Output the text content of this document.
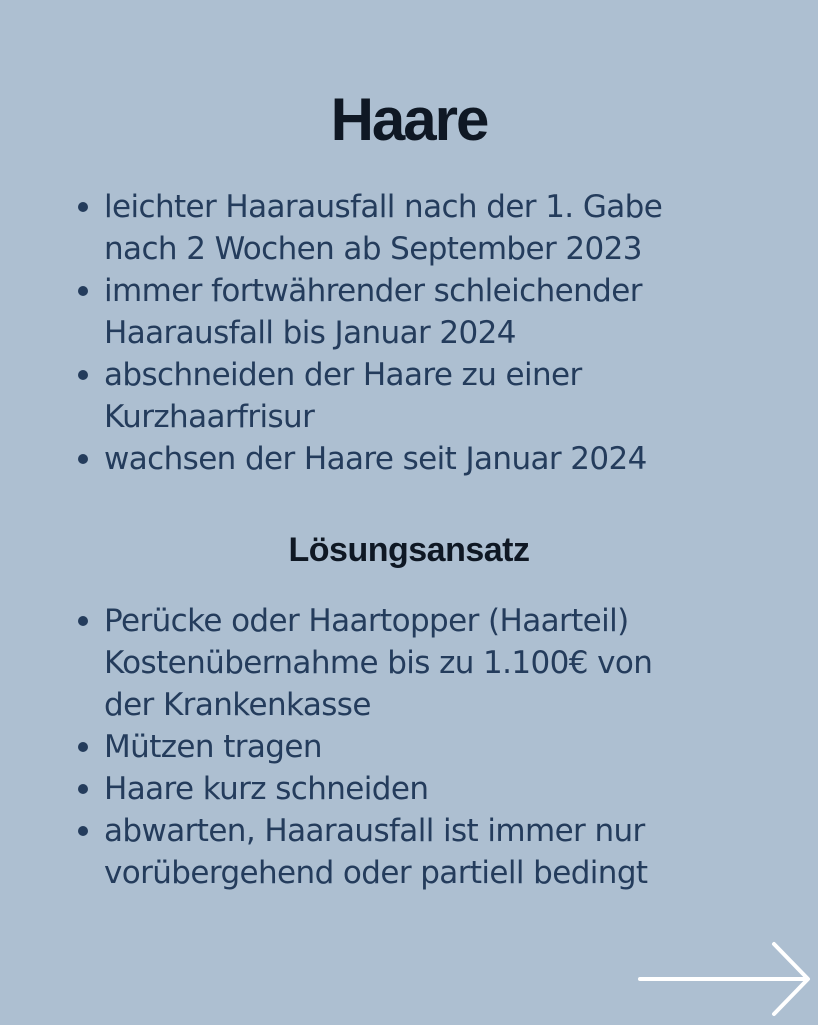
Haare
leichter Haarausfall nach der 1. Gabe
nach 2 Wochen ab September 2023
immer fortwährender schleichender
Haarausfall bis Januar 2024
abschneiden der Haare zu einer
Kurzhaarfrisur
wachsen der Haare seit Januar 2024
Lösungsansatz
Perücke oder Haartopper (Haarteil)
Kostenübernahme bis zu 1.100€ von
der Krankenkasse
Mützen tragen
Haare kurz schneiden
abwarten, Haarausfall ist immer nur
vorübergehend oder partiell bedingt
